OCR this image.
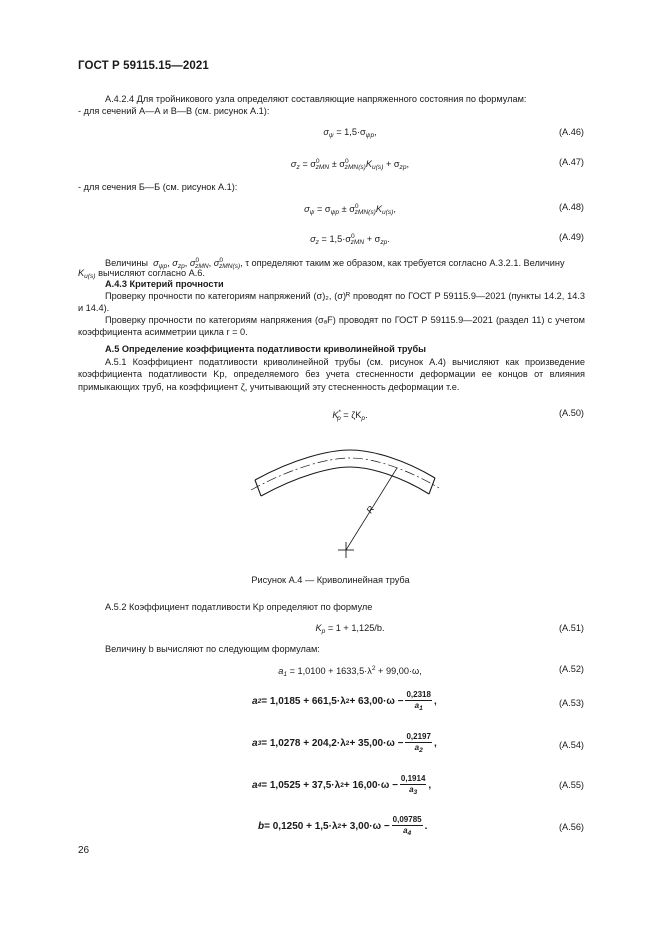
ГОСТ Р 59115.15—2021
А.4.2.4 Для тройникового узла определяют составляющие напряженного состояния по формулам:
- для сечений А—А и В—В (см. рисунок А.1):
$\sigma_\psi = 1,5\cdot\sigma_{\psi p}$,	(А.46)
$\sigma_z = \sigma^0_{zMN} \pm \sigma^0_{zMN(s)}K_{и(s)} + \sigma_{zp}$,	(А.47)
- для сечения Б—Б (см. рисунок А.1):
$\sigma_\psi = \sigma_{\psi p} \pm \sigma^0_{zMN(s)}K_{и(s)}$,	(А.48)
$\sigma_z = 1,5\cdot\sigma^0_{zMN} + \sigma_{zp}$.	(А.49)
Величины $\sigma_{\psi p}$, $\sigma_{zp}$, $\sigma^0_{zMN}$, $\sigma^0_{zMN(s)}$, τ определяют таким же образом, как требуется согласно А.3.2.1. Величину
$K_{и(s)}$ вычисляют согласно А.6.
А.4.3 Критерий прочности
Проверку прочности по категориям напряжений (σ)₂, (σ)ᴿ проводят по ГОСТ Р 59115.9—2021 (пункты 14.2, 14.3 и 14.4).
Проверку прочности по категориям напряжения (σₐF) проводят по ГОСТ Р 59115.9—2021 (раздел 11) с учетом коэффициента асимметрии цикла r = 0.
А.5 Определение коэффициента податливости криволинейной трубы
А.5.1 Коэффициент податливости криволинейной трубы (см. рисунок А.4) вычисляют как произведение коэффициента податливости Kp, определяемого без учета стесненности деформации ее концов от влияния примыкающих труб, на коэффициент ζ, учитывающий эту стесненность деформации т.е.
$K^*_p = \zeta K_p$.	(А.50)
R
Рисунок А.4 — Криволинейная труба
А.5.2 Коэффициент податливости Kp определяют по формуле
$K_p = 1 + 1,125/b$.	(А.51)
Величину b вычисляют по следующим формулам:
$a_1 = 1,0100 + 1633,5\cdot\lambda^2 + 99,00\cdot\omega$,	(А.52)
a 2 = 1,0185 + 661,5·λ $2 + 63,00\cdot\omega - \frac{0,2318}{a_1}$ ,	(А.53)
a 3 = 1,0278 + 204,2·λ $2 + 35,00\cdot\omega - \frac{0,2197}{a_2}$ ,	(А.54)
a 4 = 1,0525 + 37,5·λ $2 + 16,00\cdot\omega - \frac{0,1914}{a_3}$ ,	(А.55)
b = 0,1250 + 1,5·λ $2 + 3,00\cdot\omega - \frac{0,09785}{a_4}$ .	(А.56)
26
